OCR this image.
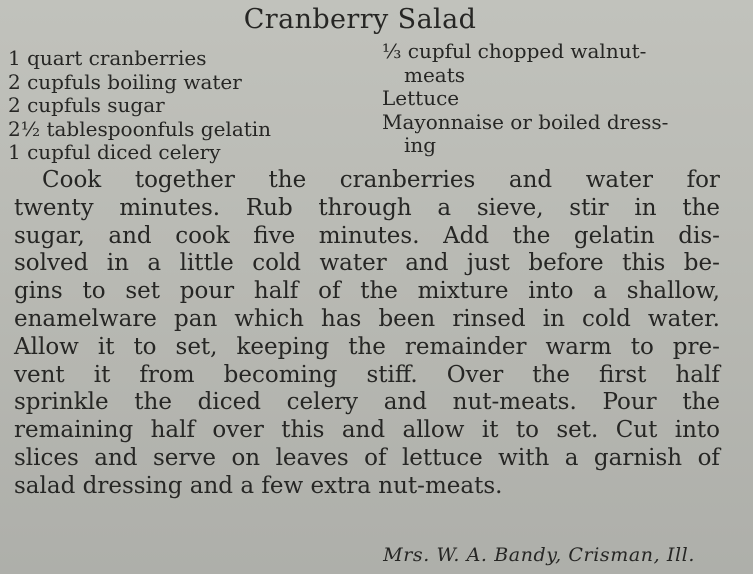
Cranberry Salad
1 quart cranberries
2 cupfuls boiling water
2 cupfuls sugar
2½ tablespoonfuls gelatin
1 cupful diced celery
⅓ cupful chopped walnut-
meats
Lettuce
Mayonnaise or boiled dress-
ing
Cook together the cranberries and water for
twenty minutes. Rub through a sieve, stir in the
sugar, and cook five minutes. Add the gelatin dis-
solved in a little cold water and just before this be-
gins to set pour half of the mixture into a shallow,
enamelware pan which has been rinsed in cold water.
Allow it to set, keeping the remainder warm to pre-
vent it from becoming stiff. Over the first half
sprinkle the diced celery and nut-meats. Pour the
remaining half over this and allow it to set. Cut into
slices and serve on leaves of lettuce with a garnish of
salad dressing and a few extra nut-meats.
Mrs. W. A. Bandy, Crisman, Ill.
